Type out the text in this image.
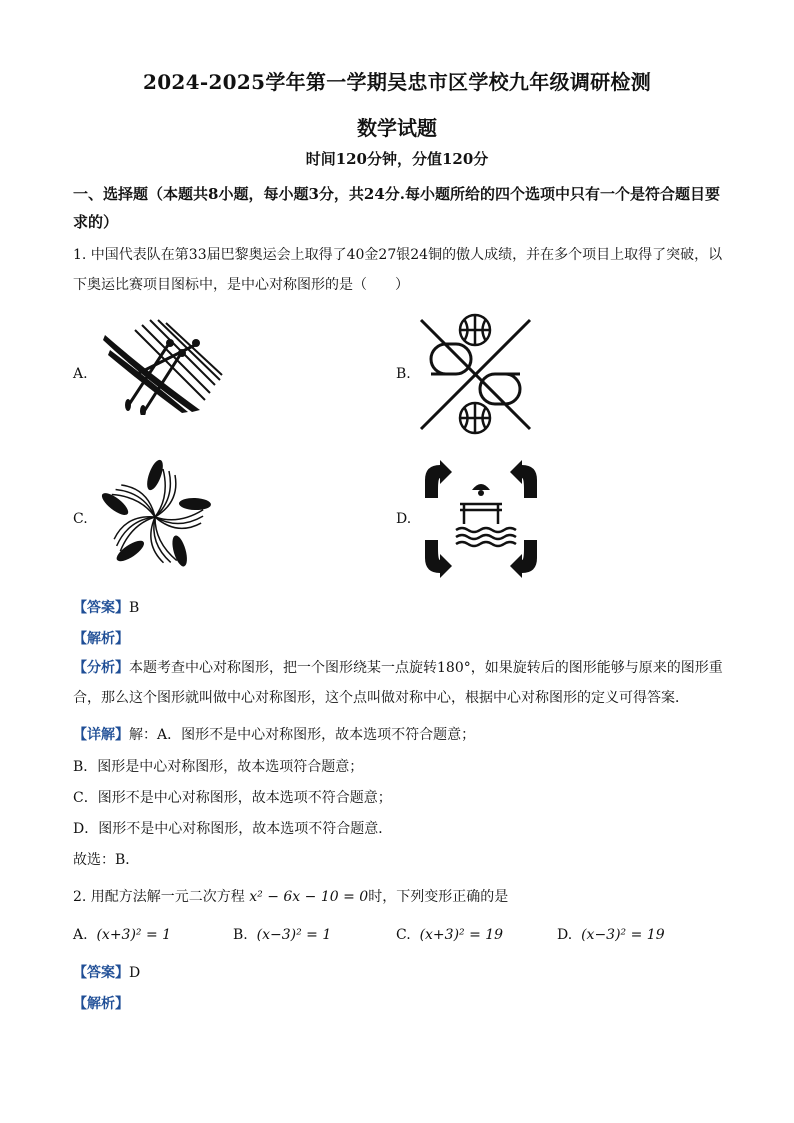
2024-2025学年第一学期吴忠市区学校九年级调研检测
数学试题
时间120分钟，分值120分
一、选择题（本题共8小题，每小题3分，共24分.每小题所给的四个选项中只有一个是符合题目要求的）
1. 中国代表队在第33届巴黎奥运会上取得了40金27银24铜的傲人成绩，并在多个项目上取得了突破，以下奥运比赛项目图标中，是中心对称图形的是（　　）
A.	B.
C.	D.
【答案】B
【解析】
【分析】本题考查中心对称图形，把一个图形绕某一点旋转180°，如果旋转后的图形能够与原来的图形重合，那么这个图形就叫做中心对称图形，这个点叫做对称中心，根据中心对称图形的定义可得答案．
【详解】解：A．图形不是中心对称图形，故本选项不符合题意；
B．图形是中心对称图形，故本选项符合题意；
C．图形不是中心对称图形，故本选项不符合题意；
D．图形不是中心对称图形，故本选项不符合题意．
故选：B．
2. 用配方法解一元二次方程 x² − 6x − 10 = 0时，下列变形正确的是
A. (x+3)² = 1	B. (x−3)² = 1	C. (x+3)² = 19	D. (x−3)² = 19
【答案】D
【解析】
